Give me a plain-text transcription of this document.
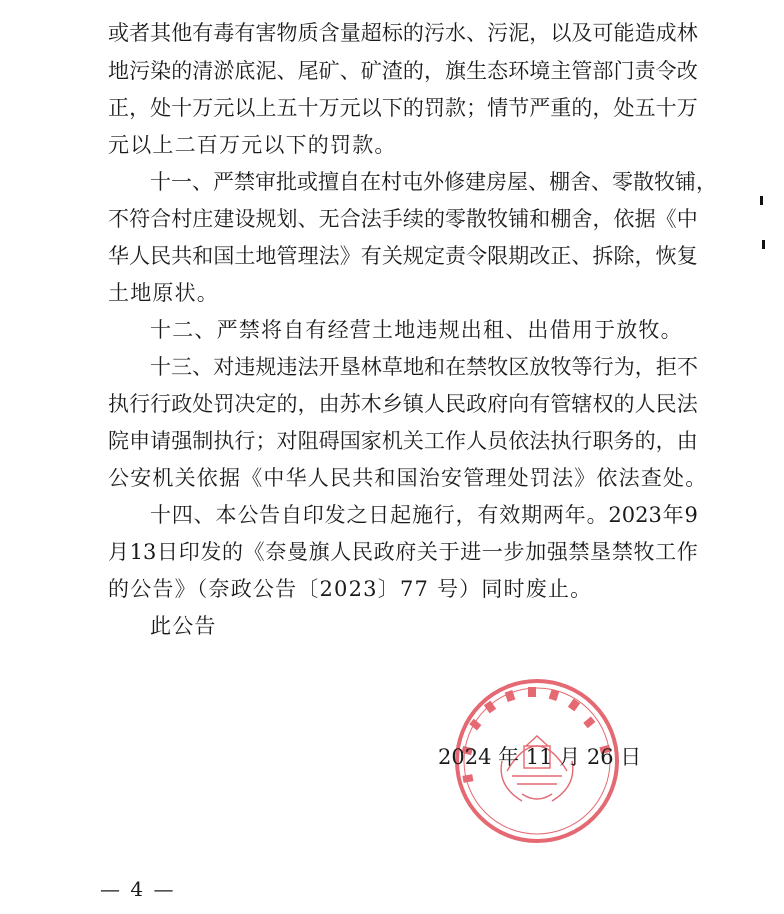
或 者 其 他 有 毒 有 害 物 质 含 量 超 标 的 污 水 、 污 泥 ， 以 及 可 能 造 成 林
地 污 染 的 清 淤 底 泥 、 尾 矿 、 矿 渣 的 ， 旗 生 态 环 境 主 管 部 门 责 令 改
正 ， 处 十 万 元 以 上 五 十 万 元 以 下 的 罚 款 ； 情 节 严 重 的 ， 处 五 十 万
元以上二百万元以下的罚款。
十 一 、 严 禁 审 批 或 擅 自 在 村 屯 外 修 建 房 屋 、 棚 舍 、 零 散 牧 铺 ，
不 符 合 村 庄 建 设 规 划 、 无 合 法 手 续 的 零 散 牧 铺 和 棚 舍 ， 依 据 《 中
华 人 民 共 和 国 土 地 管 理 法 》 有 关 规 定 责 令 限 期 改 正 、 拆 除 ， 恢 复
土地原状。
十二、严禁将自有经营土地违规出租、出借用于放牧。
十 三 、 对 违 规 违 法 开 垦 林 草 地 和 在 禁 牧 区 放 牧 等 行 为 ， 拒 不
执 行 行 政 处 罚 决 定 的 ， 由 苏 木 乡 镇 人 民 政 府 向 有 管 辖 权 的 人 民 法
院 申 请 强 制 执 行 ； 对 阻 碍 国 家 机 关 工 作 人 员 依 法 执 行 职 务 的 ， 由
公安机关依据《中华人民共和国治安管理处罚法》依法查处。
十 四 、 本 公 告 自 印 发 之 日 起 施 行 ， 有 效 期 两 年 。 2023 年 9
月 13 日 印 发 的 《 奈 曼 旗 人 民 政 府 关 于 进 一 步 加 强 禁 垦 禁 牧 工 作
的公告》（奈政公告〔2023〕77 号）同时废止。
此公告
2024 年 11 月 26 日
— 4 —
